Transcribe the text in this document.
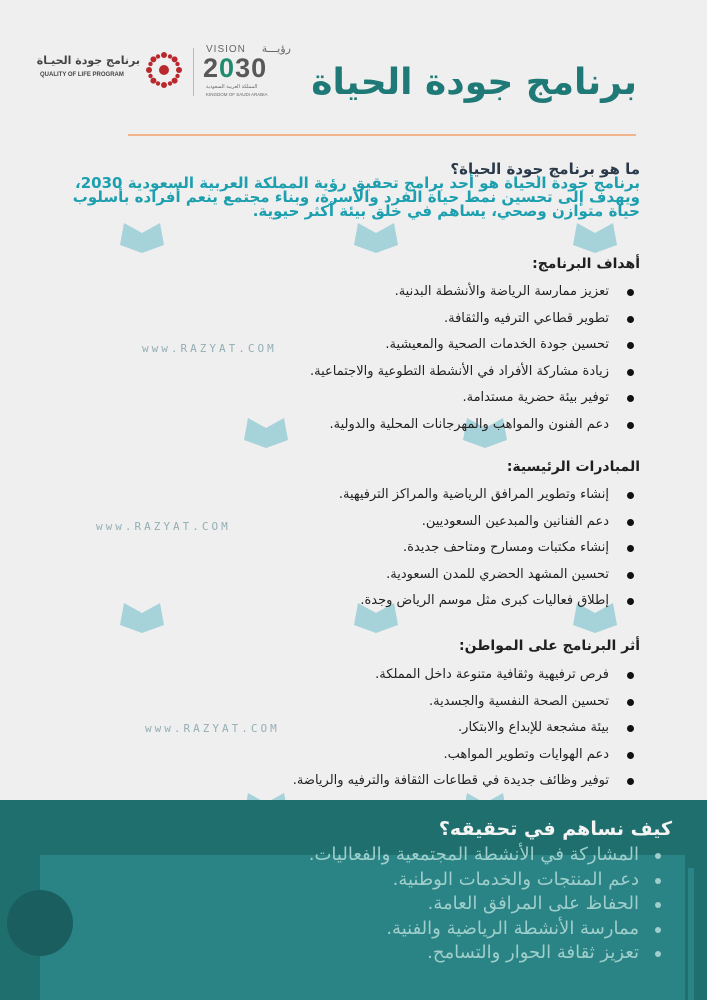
برنامج جودة الحيـاة
QUALITY OF LIFE PROGRAM
VISION رؤيـــة
2030
المملكة العربية السعودية
KINGDOM OF SAUDI ARABIA برنامج جودة الحياة
www.RAZYAT.COM
www.RAZYAT.COM
www.RAZYAT.COM
ما هو برنامج جودة الحياة؟

برنامج جودة الحياة هو أحد برامج تحقيق رؤية المملكة العربية السعودية 2030، ويهدف إلى تحسين نمط حياة الفرد والأسرة، وبناء مجتمع ينعم أفراده بأسلوب حياة متوازن وصحي، يساهم في خلق بيئة أكثر حيوية.

أهداف البرنامج:
تعزيز ممارسة الرياضة والأنشطة البدنية.
تطوير قطاعي الترفيه والثقافة.
تحسين جودة الخدمات الصحية والمعيشية.
زيادة مشاركة الأفراد في الأنشطة التطوعية والاجتماعية.
توفير بيئة حضرية مستدامة.
دعم الفنون والمواهب والمهرجانات المحلية والدولية.
المبادرات الرئيسية:
إنشاء وتطوير المرافق الرياضية والمراكز الترفيهية.
دعم الفنانين والمبدعين السعوديين.
إنشاء مكتبات ومسارح ومتاحف جديدة.
تحسين المشهد الحضري للمدن السعودية.
إطلاق فعاليات كبرى مثل موسم الرياض وجدة.
أثر البرنامج على المواطن:
فرص ترفيهية وثقافية متنوعة داخل المملكة.
تحسين الصحة النفسية والجسدية.
بيئة مشجعة للإبداع والابتكار.
دعم الهوايات وتطوير المواهب.
توفير وظائف جديدة في قطاعات الثقافة والترفيه والرياضة.
كيف نساهم في تحقيقه؟
المشاركة في الأنشطة المجتمعية والفعاليات.
دعم المنتجات والخدمات الوطنية.
الحفاظ على المرافق العامة.
ممارسة الأنشطة الرياضية والفنية.
تعزيز ثقافة الحوار والتسامح.
